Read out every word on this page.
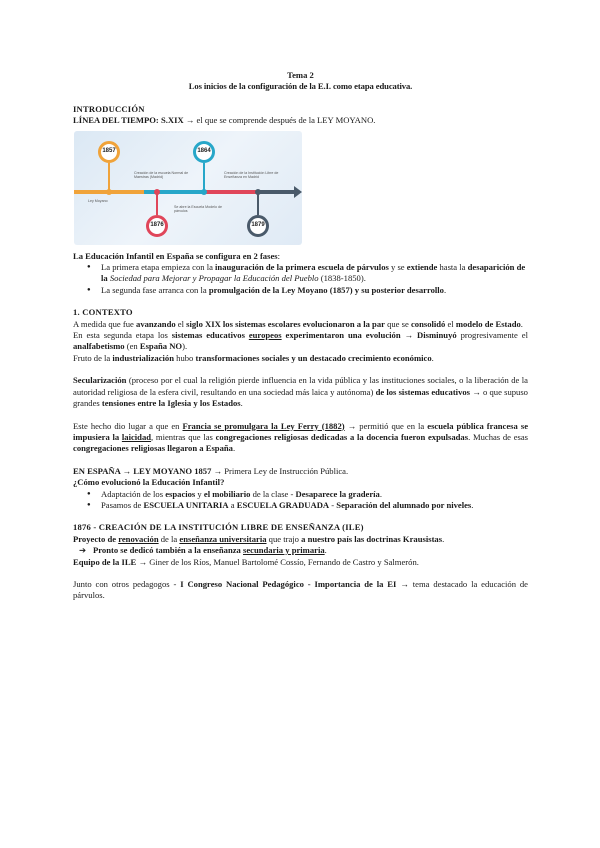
Tema 2

Los inicios de la configuración de la E.I. como etapa educativa.

INTRODUCCIÓN

LÍNEA DEL TIEMPO: S.XIX → el que se comprende después de la LEY MOYANO.

1857	1864
1876	1879
Ley Moyano
Creación de la escuela Normal de Maestras (Madrid)
Se abre la Escuela Modelo de párvulos
Creación de la Institución Libre de Enseñanza en Madrid

La Educación Infantil en España se configura en 2 fases:

● La primera etapa empieza con la inauguración de la primera escuela de párvulos y se extiende hasta la desaparición de la Sociedad para Mejorar y Propagar la Educación del Pueblo (1838-1850).
● La segunda fase arranca con la promulgación de la Ley Moyano (1857) y su posterior desarrollo.

1. CONTEXTO

A medida que fue avanzando el siglo XIX los sistemas escolares evolucionaron a la par que se consolidó el modelo de Estado.

En esta segunda etapa los sistemas educativos europeos experimentaron una evolución → Disminuyó progresivamente el analfabetismo (en España NO).

Fruto de la industrialización hubo transformaciones sociales y un destacado crecimiento económico.

Secularización (proceso por el cual la religión pierde influencia en la vida pública y las instituciones sociales, o la liberación de la autoridad religiosa de la esfera civil, resultando en una sociedad más laica y autónoma) de los sistemas educativos → o que supuso grandes tensiones entre la Iglesia y los Estados.

Este hecho dio lugar a que en Francia se promulgara la Ley Ferry (1882) → permitió que en la escuela pública francesa se impusiera la laicidad, mientras que las congregaciones religiosas dedicadas a la docencia fueron expulsadas. Muchas de esas congregaciones religiosas llegaron a España.

EN ESPAÑA → LEY MOYANO 1857 → Primera Ley de Instrucción Pública.

¿Cómo evolucionó la Educación Infantil?

● Adaptación de los espacios y el mobiliario de la clase - Desaparece la gradería.
● Pasamos de ESCUELA UNITARIA a ESCUELA GRADUADA - Separación del alumnado por niveles.

1876 - CREACIÓN DE LA INSTITUCIÓN LIBRE DE ENSEÑANZA (ILE)

Proyecto de renovación de la enseñanza universitaria que trajo a nuestro país las doctrinas Krausistas.

➔ Pronto se dedicó también a la enseñanza secundaria y primaria.

Equipo de la ILE → Giner de los Ríos, Manuel Bartolomé Cossío, Fernando de Castro y Salmerón.

Junto con otros pedagogos - I Congreso Nacional Pedagógico - Importancia de la EI → tema destacado la educación de párvulos.
